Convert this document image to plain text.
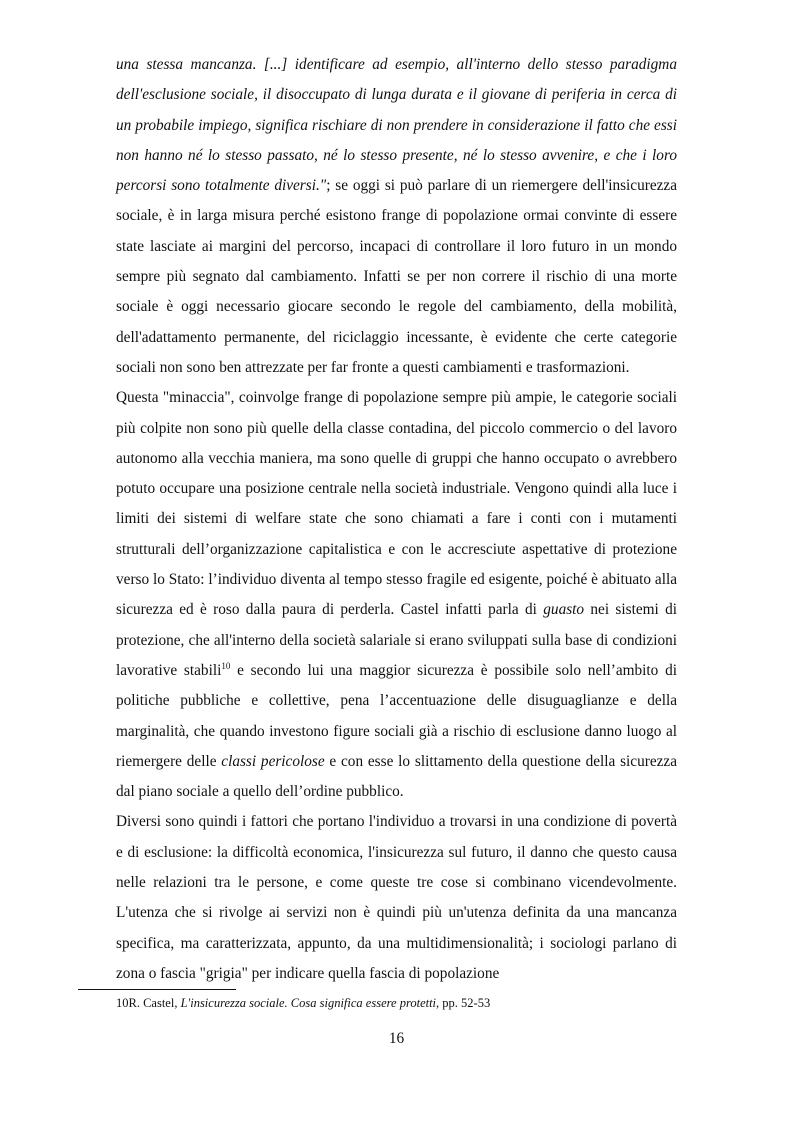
una stessa mancanza. [...] identificare ad esempio, all'interno dello stesso paradigma dell'esclusione sociale, il disoccupato di lunga durata e il giovane di periferia in cerca di un probabile impiego, significa rischiare di non prendere in considerazione il fatto che essi non hanno né lo stesso passato, né lo stesso presente, né lo stesso avvenire, e che i loro percorsi sono totalmente diversi."; se oggi si può parlare di un riemergere dell'insicurezza sociale, è in larga misura perché esistono frange di popolazione ormai convinte di essere state lasciate ai margini del percorso, incapaci di controllare il loro futuro in un mondo sempre più segnato dal cambiamento. Infatti se per non correre il rischio di una morte sociale è oggi necessario giocare secondo le regole del cambiamento, della mobilità, dell'adattamento permanente, del riciclaggio incessante, è evidente che certe categorie sociali non sono ben attrezzate per far fronte a questi cambiamenti e trasformazioni.

Questa "minaccia", coinvolge frange di popolazione sempre più ampie, le categorie sociali più colpite non sono più quelle della classe contadina, del piccolo commercio o del lavoro autonomo alla vecchia maniera, ma sono quelle di gruppi che hanno occupato o avrebbero potuto occupare una posizione centrale nella società industriale. Vengono quindi alla luce i limiti dei sistemi di welfare state che sono chiamati a fare i conti con i mutamenti strutturali dell’organizzazione capitalistica e con le accresciute aspettative di protezione verso lo Stato: l’individuo diventa al tempo stesso fragile ed esigente, poiché è abituato alla sicurezza ed è roso dalla paura di perderla. Castel infatti parla di guasto nei sistemi di protezione, che all'interno della società salariale si erano sviluppati sulla base di condizioni lavorative stabili$^{10}$ e secondo lui una maggior sicurezza è possibile solo nell’ambito di politiche pubbliche e collettive, pena l’accentuazione delle disuguaglianze e della marginalità, che quando investono figure sociali già a rischio di esclusione danno luogo al riemergere delle classi pericolose e con esse lo slittamento della questione della sicurezza dal piano sociale a quello dell’ordine pubblico.

Diversi sono quindi i fattori che portano l'individuo a trovarsi in una condizione di povertà e di esclusione: la difficoltà economica, l'insicurezza sul futuro, il danno che questo causa nelle relazioni tra le persone, e come queste tre cose si combinano vicendevolmente. L'utenza che si rivolge ai servizi non è quindi più un'utenza definita da una mancanza specifica, ma caratterizzata, appunto, da una multidimensionalità; i sociologi parlano di zona o fascia "grigia" per indicare quella fascia di popolazione

10R. Castel, L'insicurezza sociale. Cosa significa essere protetti, pp. 52-53
16
